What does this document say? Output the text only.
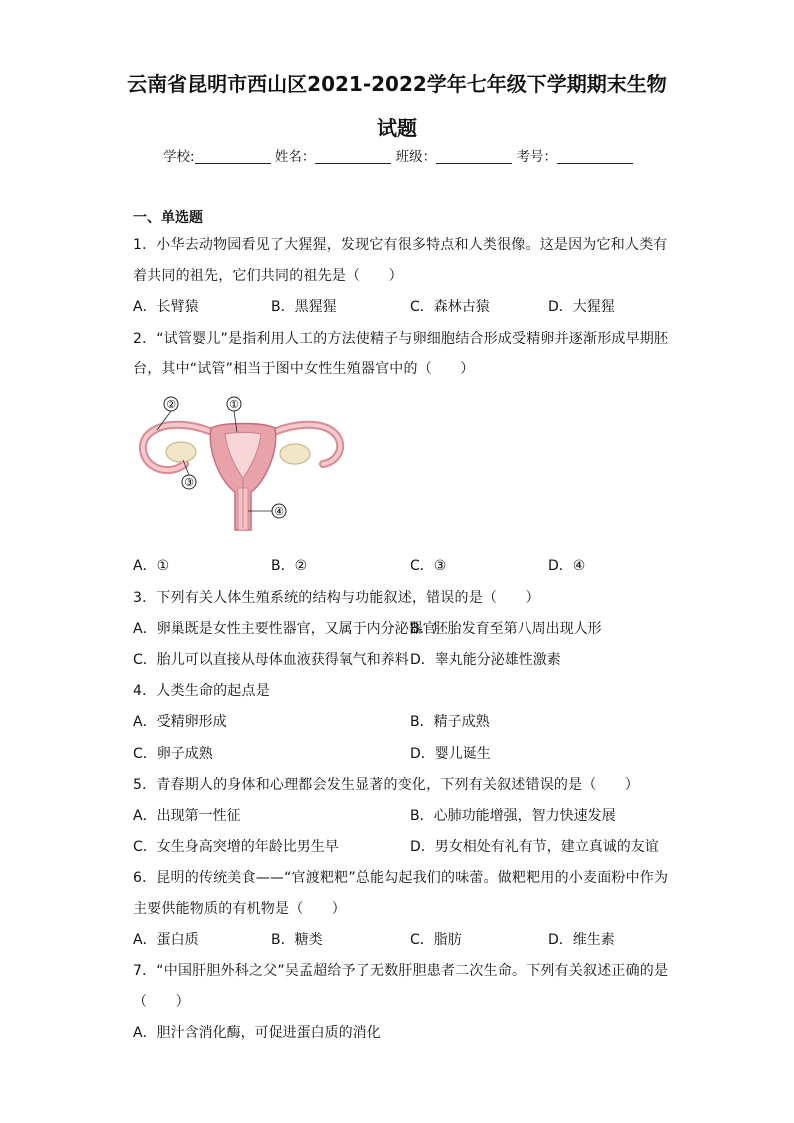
云南省昆明市西山区2021-2022学年七年级下学期期末生物
试题
学校:	姓名：	班级：	考号：
一、单选题
1．小华去动物园看见了大猩猩，发现它有很多特点和人类很像。这是因为它和人类有
着共同的祖先，它们共同的祖先是（　　）
A．长臂猿	B．黑猩猩	C．森林古猿	D．大猩猩
2．“试管婴儿”是指利用人工的方法使精子与卵细胞结合形成受精卵并逐渐形成早期胚
台，其中“试管”相当于图中女性生殖器官中的（　　）
①
②
③
④
A．①	B．②	C．③	D．④
3．下列有关人体生殖系统的结构与功能叙述，错误的是（　　）
A．卵巢既是女性主要性器官，又属于内分泌器官
B．胚胎发育至第八周出现人形
C．胎儿可以直接从母体血液获得氧气和养料 D．睾丸能分泌雄性激素
4．人类生命的起点是
A．受精卵形成	B．精子成熟
C．卵子成熟	D．婴儿诞生
5．青春期人的身体和心理都会发生显著的变化，下列有关叙述错误的是（　　）
A．出现第一性征	B．心肺功能增强，智力快速发展
C．女生身高突增的年龄比男生早	D．男女相处有礼有节，建立真诚的友谊
6．昆明的传统美食——“官渡粑粑”总能勾起我们的味蕾。做粑粑用的小麦面粉中作为
主要供能物质的有机物是（　　）
A．蛋白质	B．糖类	C．脂肪	D．维生素
7．“中国肝胆外科之父”吴孟超给予了无数肝胆患者二次生命。下列有关叙述正确的是
（　　）
A．胆汁含消化酶，可促进蛋白质的消化
